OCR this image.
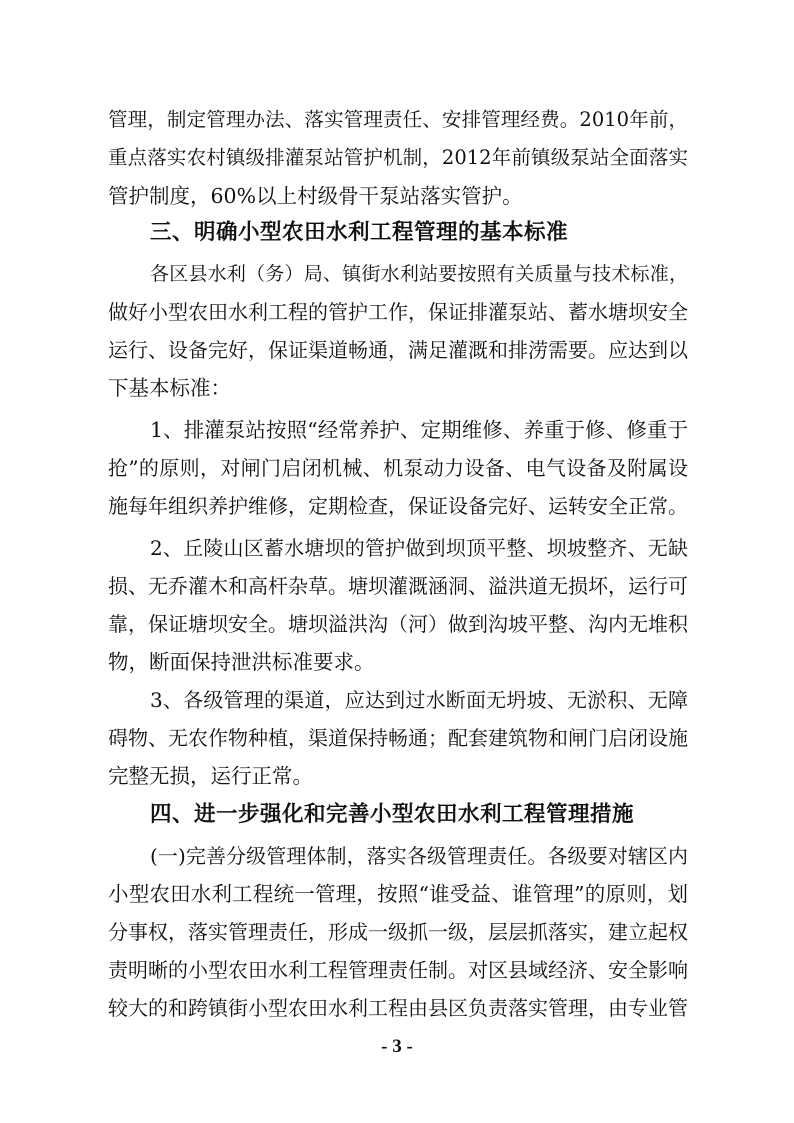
管理，制定管理办法、落实管理责任、安排管理经费。2010年前，
重点落实农村镇级排灌泵站管护机制，2012年前镇级泵站全面落实
管护制度，60%以上村级骨干泵站落实管护。
三、明确小型农田水利工程管理的基本标准
各区县水利（务）局、镇街水利站要按照有关质量与技术标准，
做好小型农田水利工程的管护工作，保证排灌泵站、蓄水塘坝安全
运行、设备完好，保证渠道畅通，满足灌溉和排涝需要。应达到以
下基本标准：
1、排灌泵站按照“经常养护、定期维修、养重于修、修重于
抢”的原则，对闸门启闭机械、机泵动力设备、电气设备及附属设
施每年组织养护维修，定期检查，保证设备完好、运转安全正常。
2、丘陵山区蓄水塘坝的管护做到坝顶平整、坝坡整齐、无缺
损、无乔灌木和高杆杂草。塘坝灌溉涵洞、溢洪道无损坏，运行可
靠，保证塘坝安全。塘坝溢洪沟（河）做到沟坡平整、沟内无堆积
物，断面保持泄洪标准要求。
3、各级管理的渠道，应达到过水断面无坍坡、无淤积、无障
碍物、无农作物种植，渠道保持畅通；配套建筑物和闸门启闭设施
完整无损，运行正常。
四、进一步强化和完善小型农田水利工程管理措施
(一)完善分级管理体制，落实各级管理责任。各级要对辖区内
小型农田水利工程统一管理，按照“谁受益、谁管理”的原则，划
分事权，落实管理责任，形成一级抓一级，层层抓落实，建立起权
责明晰的小型农田水利工程管理责任制。对区县域经济、安全影响
较大的和跨镇街小型农田水利工程由县区负责落实管理，由专业管
- 3 -
